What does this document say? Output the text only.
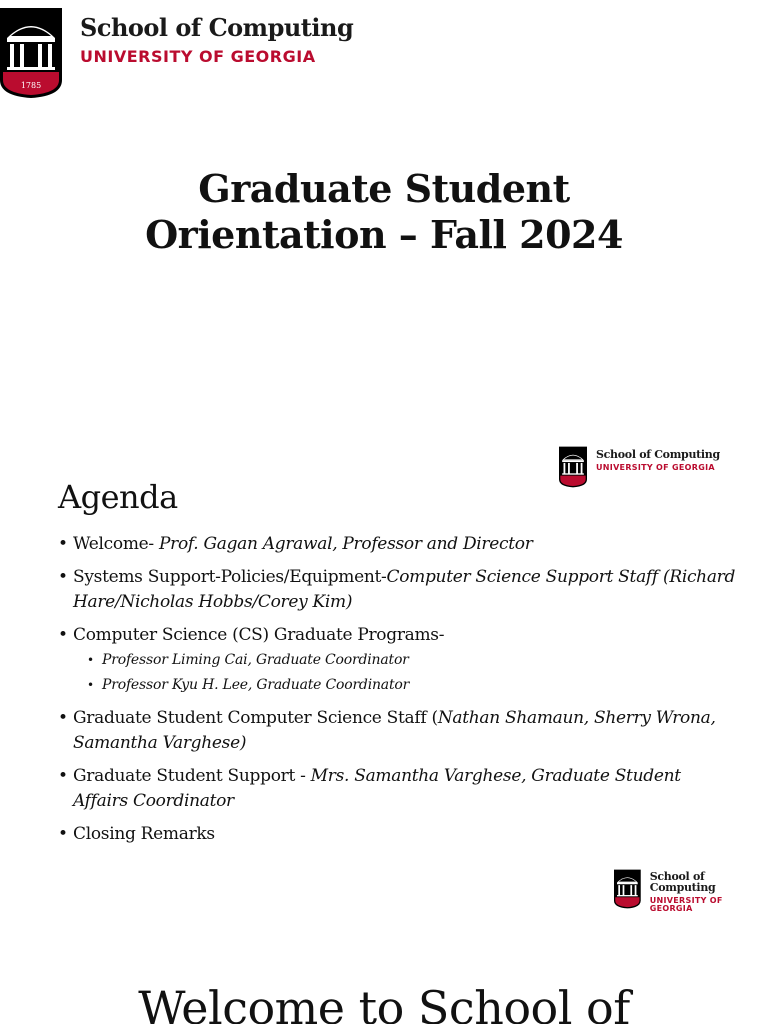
1785
School of Computing
UNIVERSITY OF GEORGIA
Graduate Student
Orientation – Fall 2024
School of Computing
UNIVERSITY OF GEORGIA
Agenda
• Welcome- Prof. Gagan Agrawal, Professor and Director
• Systems Support-Policies/Equipment-Computer Science Support Staff (Richard Hare/Nicholas Hobbs/Corey Kim)
• Computer Science (CS) Graduate Programs-
• Professor Liming Cai, Graduate Coordinator
• Professor Kyu H. Lee, Graduate Coordinator
• Graduate Student Computer Science Staff (Nathan Shamaun, Sherry Wrona, Samantha Varghese)
• Graduate Student Support - Mrs. Samantha Varghese, Graduate Student Affairs Coordinator
• Closing Remarks
School of Computing
UNIVERSITY OF GEORGIA
Welcome to School of
